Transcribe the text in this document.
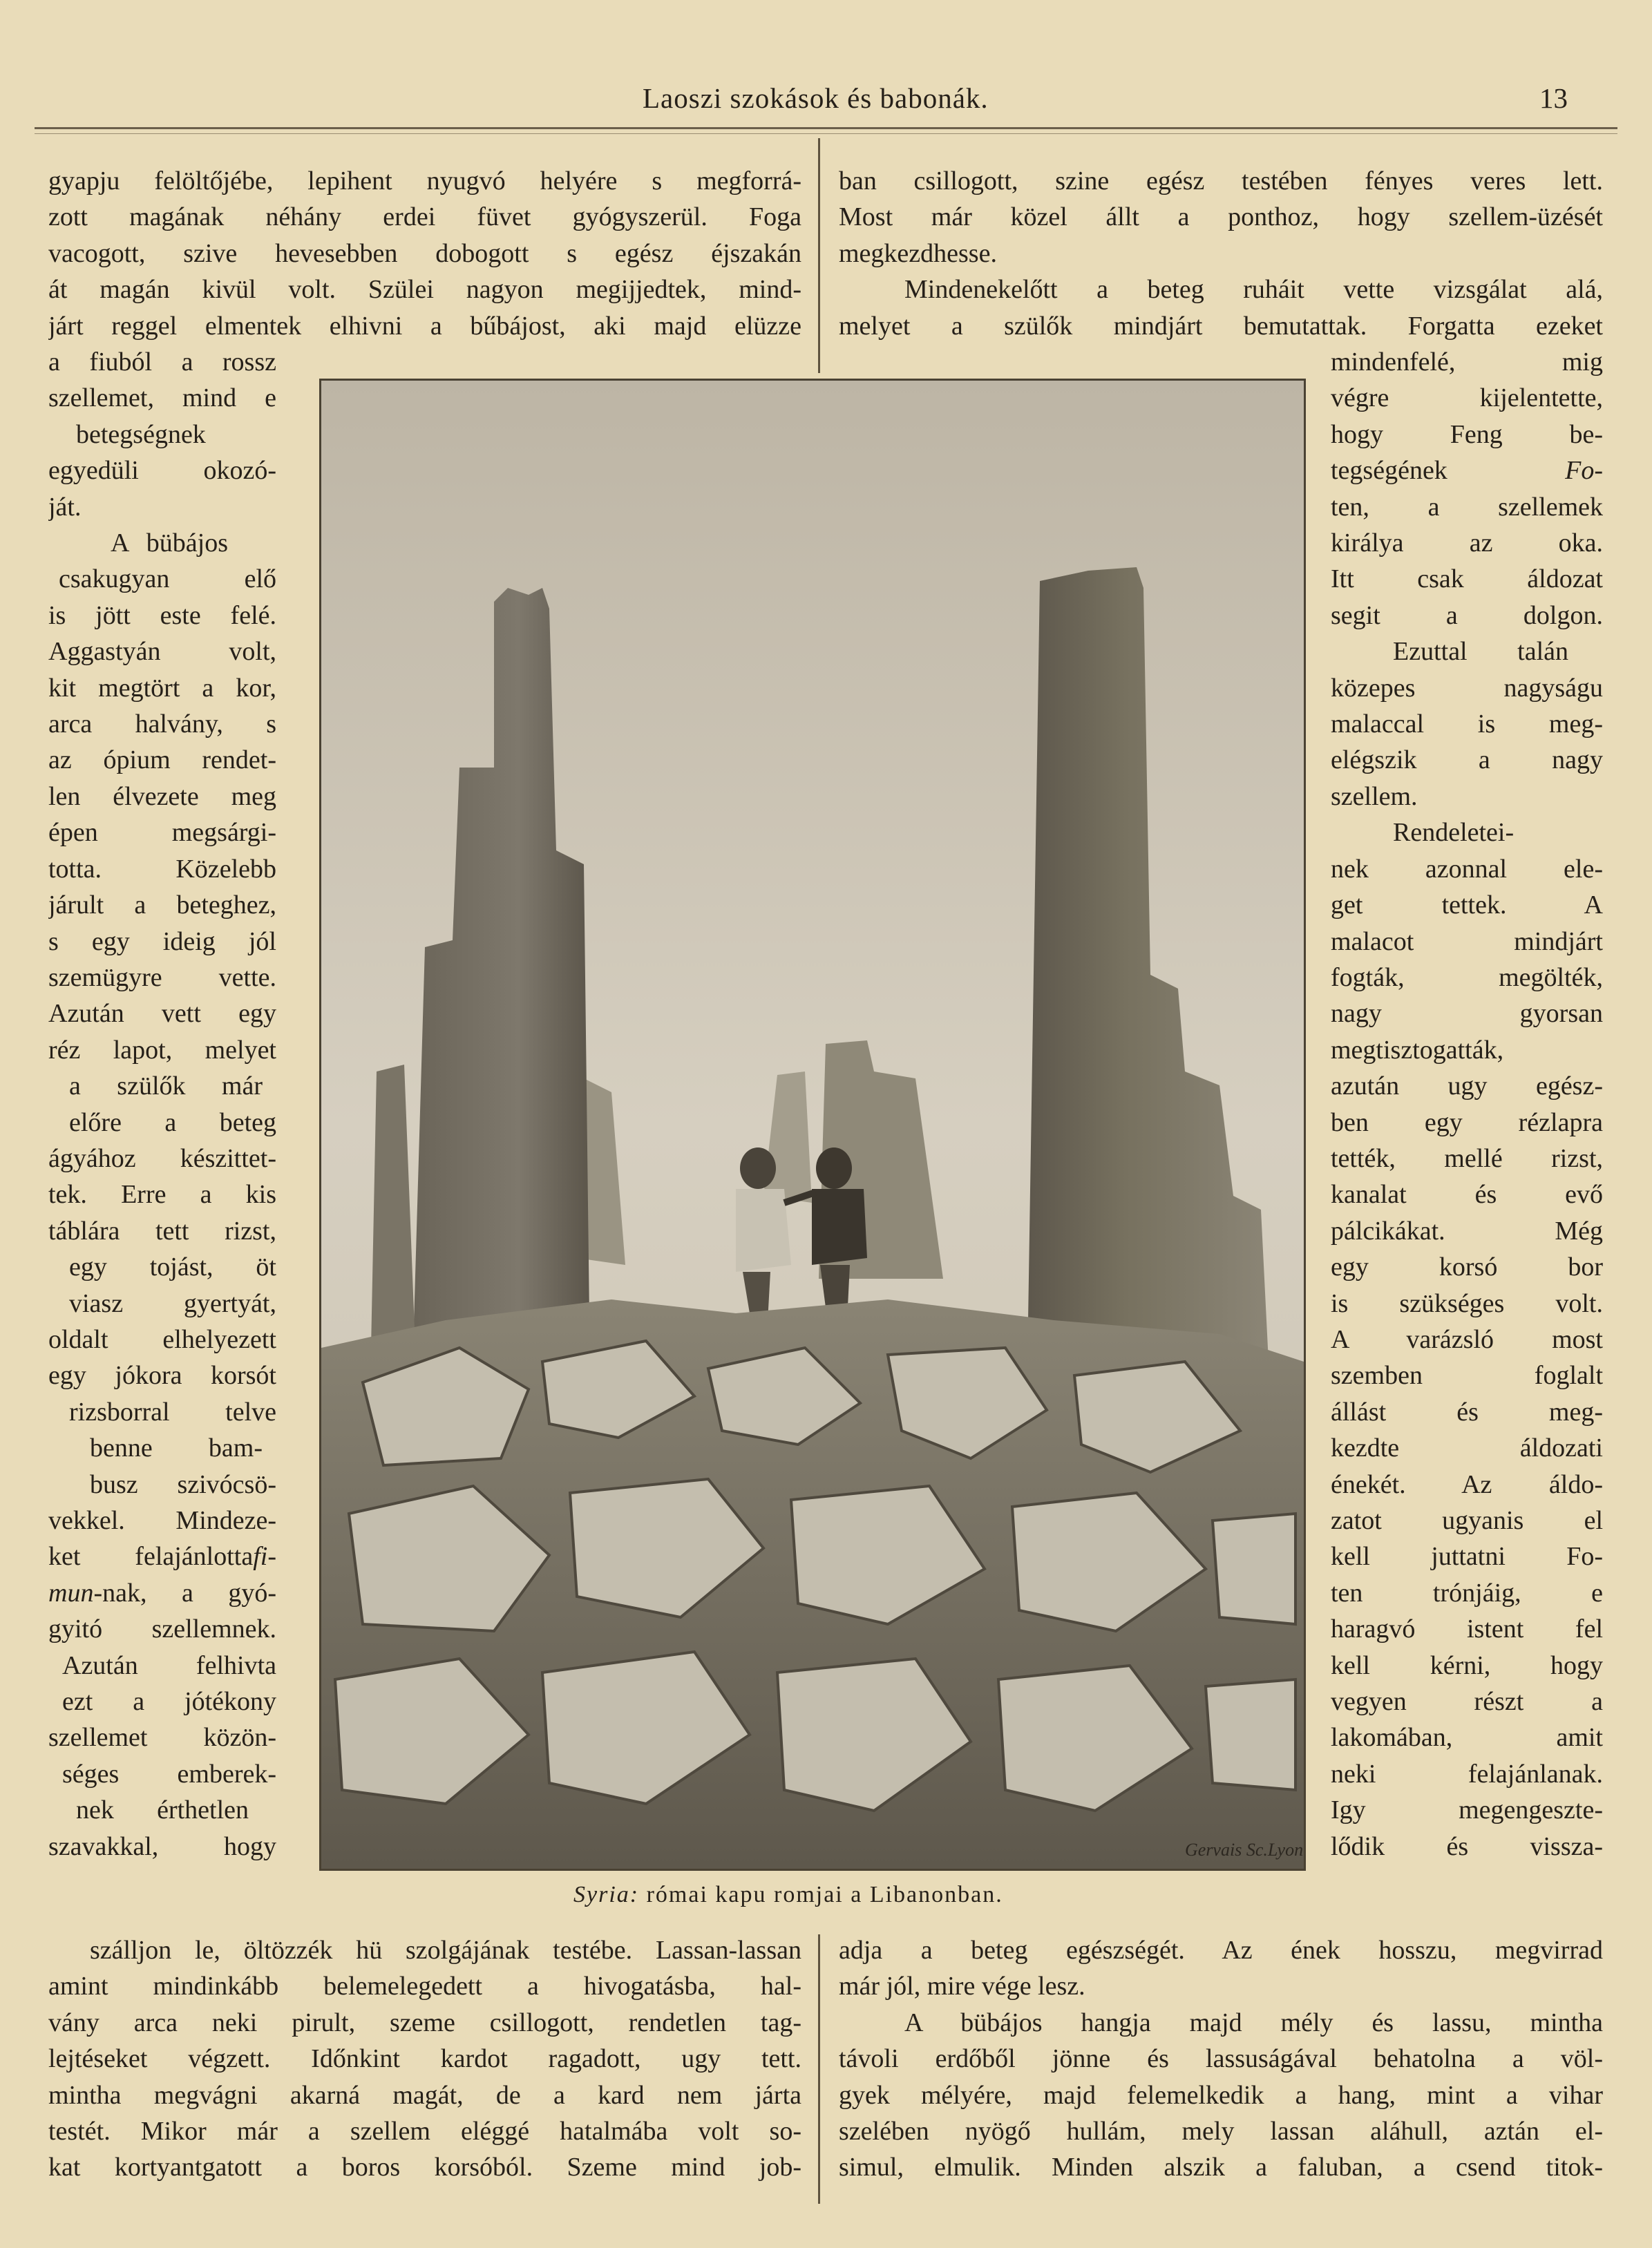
Laoszi szokások és babonák.	13
gyapju felöltőjébe, lepihent nyugvó helyére s megforrá-
zott magának néhány erdei füvet gyógyszerül. Foga
vacogott, szive hevesebben dobogott s egész éjszakán
át magán kivül volt. Szülei nagyon megijjedtek, mind-
járt reggel elmentek elhivni a bűbájost, aki majd elüzze
ban csillogott, szine egész testében fényes veres lett.
Most már közel állt a ponthoz, hogy szellem-üzését
megkezdhesse.
Mindenekelőtt a beteg ruháit vette vizsgálat alá,
melyet a szülők mindjárt bemutattak. Forgatta ezeket
a fiuból a rossz
szellemet, mind e
betegségnek
egyedüli okozó-
ját.
A bübájos
csakugyan elő
is jött este felé.
Aggastyán volt,
kit megtört a kor,
arca halvány, s
az ópium rendet-
len élvezete meg
épen megsárgi-
totta. Közelebb
járult a beteghez,
s egy ideig jól
szemügyre vette.
Azután vett egy
réz lapot, melyet
a szülők már
előre a beteg
ágyához készittet-
tek. Erre a kis
táblára tett rizst,
egy tojást, öt
viasz gyertyát,
oldalt elhelyezett
egy jókora korsót
rizsborral telve
benne bam-
busz szivócsö-
vekkel. Mindeze-
ket felajánlottafi-
mun-nak, a gyó-
gyitó szellemnek.
Azután felhivta
ezt a jótékony
szellemet közön-
séges emberek-
nek érthetlen
szavakkal, hogy
mindenfelé, mig
végre kijelentette,
hogy Feng be-
tegségének	Fo-
ten, a szellemek
királya az oka.
Itt csak áldozat
segit a dolgon.
Ezuttal talán
közepes nagyságu
malaccal is meg-
elégszik a nagy
szellem.
Rendeletei-
nek azonnal ele-
get tettek. A
malacot mindjárt
fogták, megölték,
nagy gyorsan
megtisztogatták,
azután ugy egész-
ben egy rézlapra
tették, mellé rizst,
kanalat és evő
pálcikákat. Még
egy korsó bor
is szükséges volt.
A varázsló most
szemben foglalt
állást és meg-
kezdte áldozati
énekét. Az áldo-
zatot ugyanis el
kell juttatni Fo-
ten trónjáig, e
haragvó istent fel
kell kérni, hogy
vegyen részt a
lakomában, amit
neki felajánlanak.
Igy megengeszte-
lődik és vissza-
Gervais Sc.Lyon
Syria: római kapu romjai a Libanonban.
szálljon le, öltözzék hü szolgájának testébe. Lassan-lassan
amint mindinkább belemelegedett a hivogatásba, hal-
vány arca neki pirult, szeme csillogott, rendetlen tag-
lejtéseket végzett. Időnkint kardot ragadott, ugy tett.
mintha megvágni akarná magát, de a kard nem járta
testét. Mikor már a szellem eléggé hatalmába volt so-
kat kortyantgatott a boros korsóból. Szeme mind job-
adja a beteg egészségét. Az ének hosszu, megvirrad
már jól, mire vége lesz.
A bübájos hangja majd mély és lassu, mintha
távoli erdőből jönne és lassuságával behatolna a völ-
gyek mélyére, majd felemelkedik a hang, mint a vihar
szelében nyögő hullám, mely lassan aláhull, aztán el-
simul, elmulik. Minden alszik a faluban, a csend titok-
